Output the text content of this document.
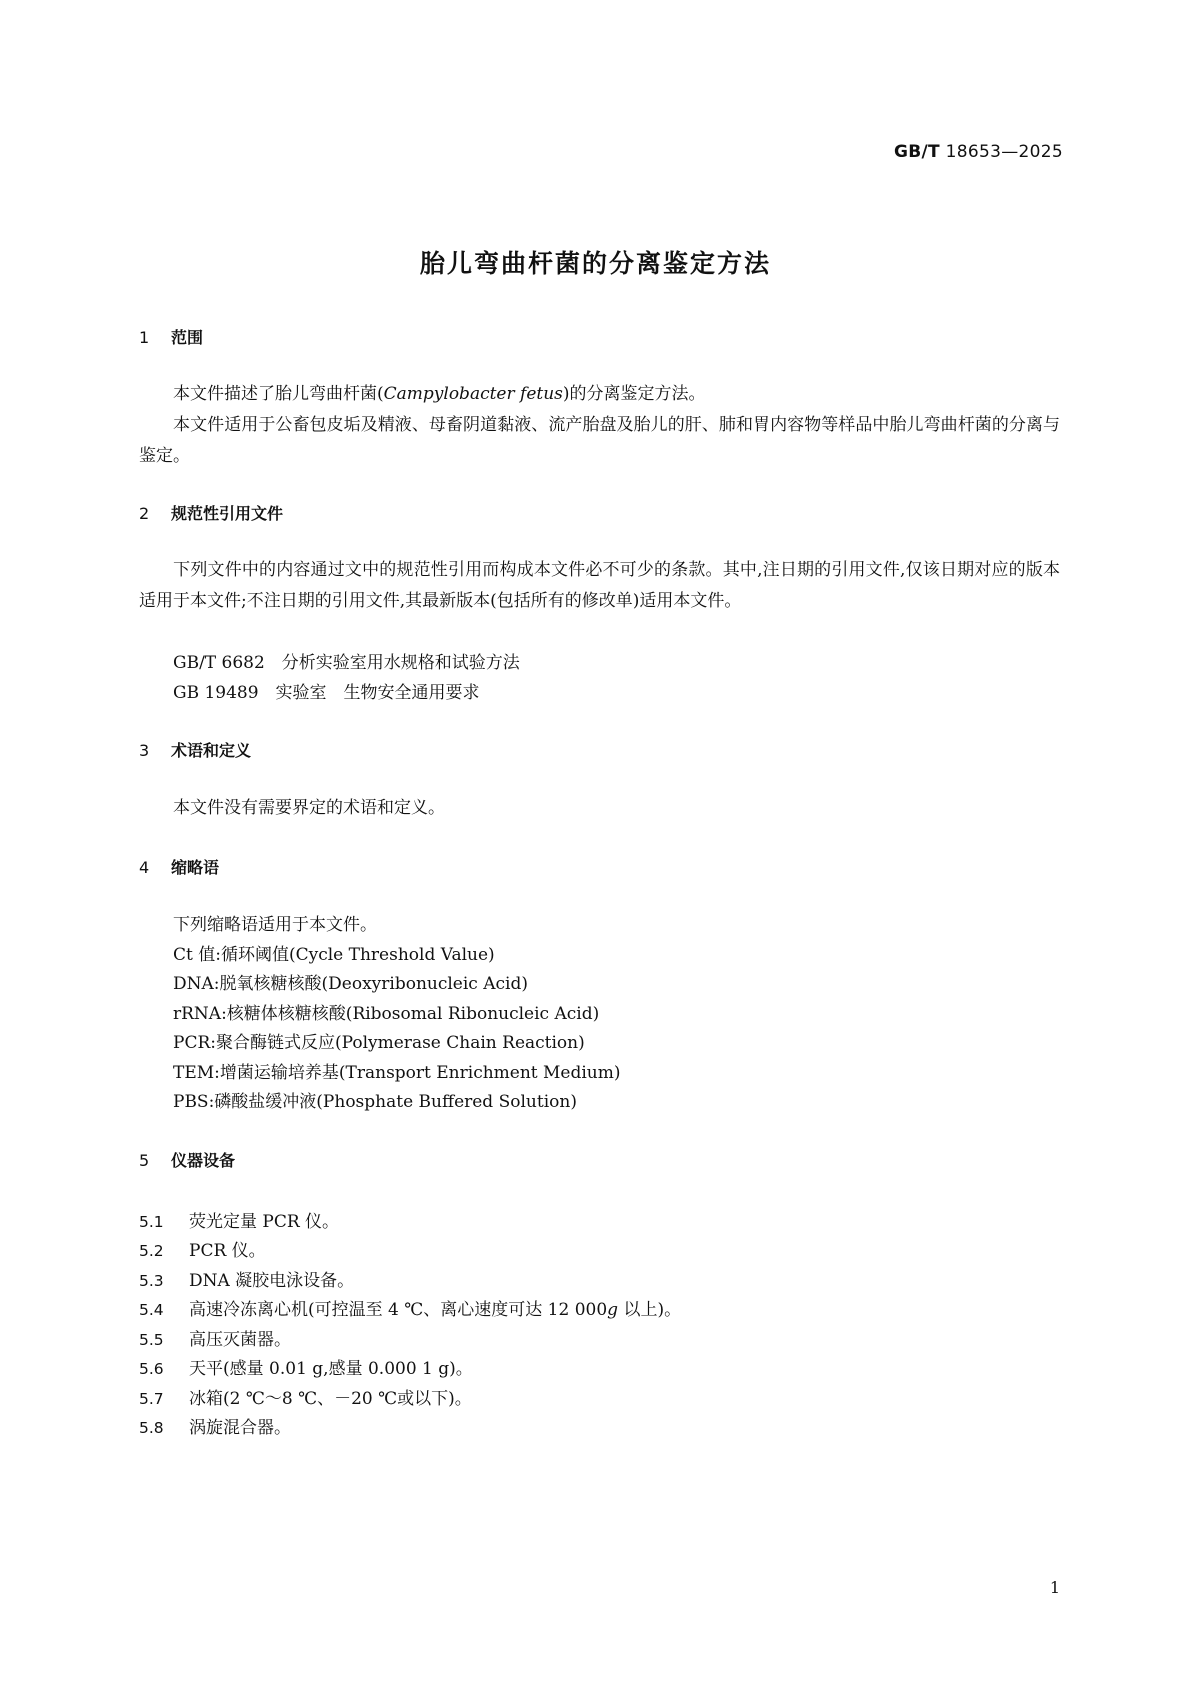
GB/T 18653—2025
胎儿弯曲杆菌的分离鉴定方法
1 范围
本文件描述了胎儿弯曲杆菌(Campylobacter fetus)的分离鉴定方法。
本文件适用于公畜包皮垢及精液、母畜阴道黏液、流产胎盘及胎儿的肝、肺和胃内容物等样品中胎儿弯曲杆菌的分离与鉴定。
2 规范性引用文件
下列文件中的内容通过文中的规范性引用而构成本文件必不可少的条款。其中,注日期的引用文件,仅该日期对应的版本适用于本文件;不注日期的引用文件,其最新版本(包括所有的修改单)适用本文件。
GB/T 6682　分析实验室用水规格和试验方法
GB 19489　实验室　生物安全通用要求
3 术语和定义
本文件没有需要界定的术语和定义。
4 缩略语
下列缩略语适用于本文件。
Ct 值:循环阈值(Cycle Threshold Value)
DNA:脱氧核糖核酸(Deoxyribonucleic Acid)
rRNA:核糖体核糖核酸(Ribosomal Ribonucleic Acid)
PCR:聚合酶链式反应(Polymerase Chain Reaction)
TEM:增菌运输培养基(Transport Enrichment Medium)
PBS:磷酸盐缓冲液(Phosphate Buffered Solution)
5 仪器设备
5.1 荧光定量 PCR 仪。
5.2 PCR 仪。
5.3 DNA 凝胶电泳设备。
5.4 高速冷冻离心机(可控温至 4 ℃、离心速度可达 12 000g 以上)。
5.5 高压灭菌器。
5.6 天平(感量 0.01 g,感量 0.000 1 g)。
5.7 冰箱(2 ℃～8 ℃、－20 ℃或以下)。
5.8 涡旋混合器。
1
